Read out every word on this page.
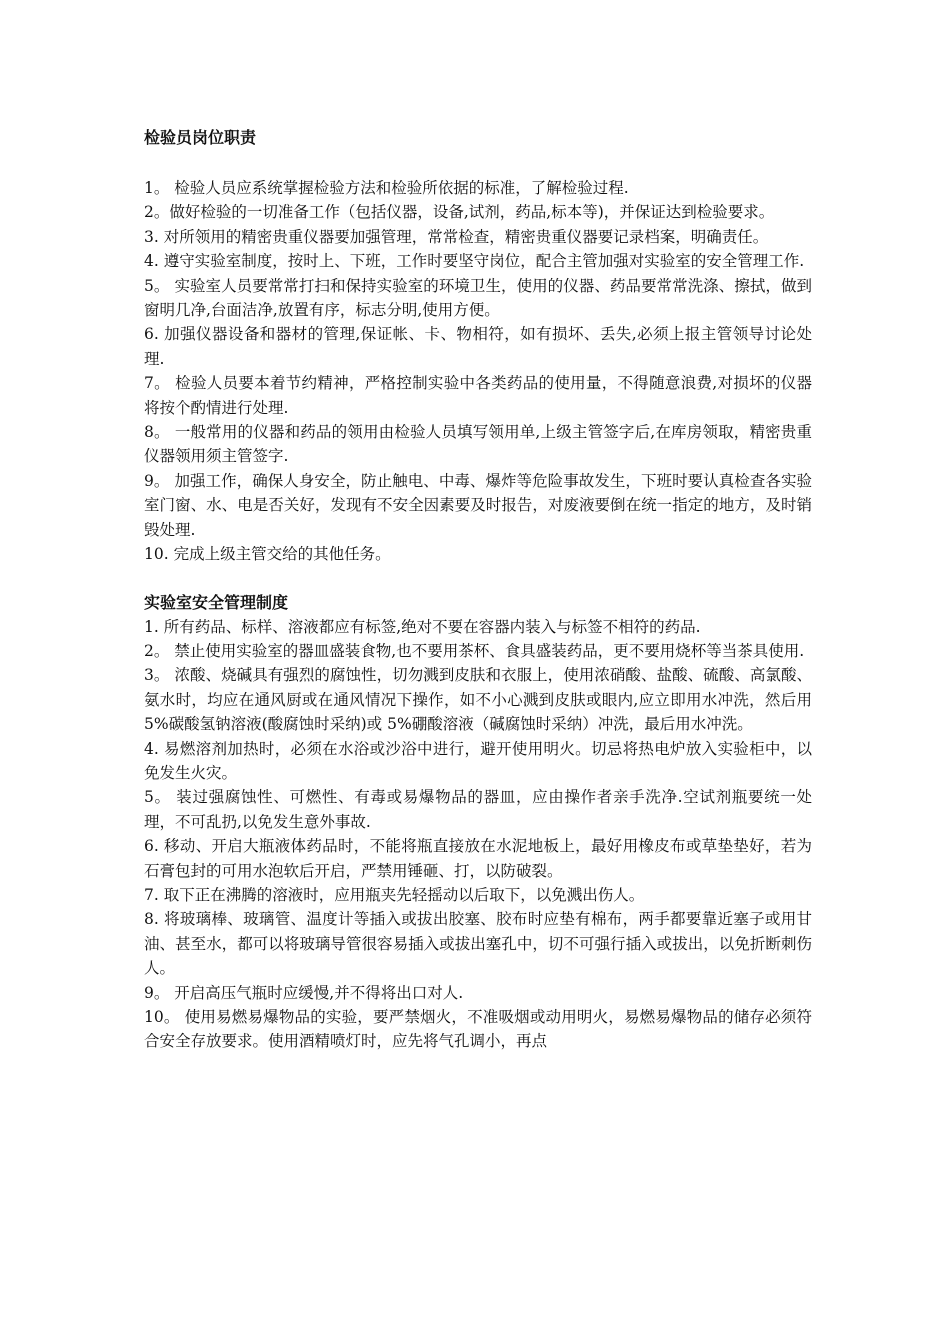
检验员岗位职责

1。 检验人员应系统掌握检验方法和检验所依据的标准，了解检验过程.

2。做好检验的一切准备工作（包括仪器，设备,试剂，药品,标本等)，并保证达到检验要求。

3. 对所领用的精密贵重仪器要加强管理，常常检查，精密贵重仪器要记录档案，明确责任。

4. 遵守实验室制度，按时上、下班，工作时要坚守岗位，配合主管加强对实验室的安全管理工作.

5。 实验室人员要常常打扫和保持实验室的环境卫生，使用的仪器、药品要常常洗涤、擦拭，做到窗明几净,台面洁净,放置有序，标志分明,使用方便。

6. 加强仪器设备和器材的管理,保证帐、卡、物相符，如有损坏、丢失,必须上报主管领导讨论处理.

7。 检验人员要本着节约精神，严格控制实验中各类药品的使用量，不得随意浪费,对损坏的仪器将按个酌情进行处理.

8。 一般常用的仪器和药品的领用由检验人员填写领用单,上级主管签字后,在库房领取，精密贵重仪器领用须主管签字.

9。 加强工作，确保人身安全，防止触电、中毒、爆炸等危险事故发生，下班时要认真检查各实验室门窗、水、电是否关好，发现有不安全因素要及时报告，对废液要倒在统一指定的地方，及时销毁处理.

10. 完成上级主管交给的其他任务。

实验室安全管理制度

1. 所有药品、标样、溶液都应有标签,绝对不要在容器内装入与标签不相符的药品.

2。 禁止使用实验室的器皿盛装食物,也不要用茶杯、食具盛装药品，更不要用烧杯等当茶具使用.

3。 浓酸、烧碱具有强烈的腐蚀性，切勿溅到皮肤和衣服上，使用浓硝酸、盐酸、硫酸、高氯酸、氨水时，均应在通风厨或在通风情况下操作，如不小心溅到皮肤或眼内,应立即用水冲洗，然后用 5%碳酸氢钠溶液(酸腐蚀时采纳)或 5%硼酸溶液（碱腐蚀时采纳）冲洗，最后用水冲洗。

4. 易燃溶剂加热时，必须在水浴或沙浴中进行，避开使用明火。切忌将热电炉放入实验柜中，以免发生火灾。

5。 装过强腐蚀性、可燃性、有毒或易爆物品的器皿，应由操作者亲手洗净.空试剂瓶要统一处理，不可乱扔,以免发生意外事故.

6. 移动、开启大瓶液体药品时，不能将瓶直接放在水泥地板上，最好用橡皮布或草垫垫好，若为石膏包封的可用水泡软后开启，严禁用锤砸、打，以防破裂。

7. 取下正在沸腾的溶液时，应用瓶夹先轻摇动以后取下，以免溅出伤人。

8. 将玻璃棒、玻璃管、温度计等插入或拔出胶塞、胶布时应垫有棉布，两手都要靠近塞子或用甘油、甚至水，都可以将玻璃导管很容易插入或拔出塞孔中，切不可强行插入或拔出，以免折断刺伤人。

9。 开启高压气瓶时应缓慢,并不得将出口对人.

10。 使用易燃易爆物品的实验，要严禁烟火，不准吸烟或动用明火，易燃易爆物品的储存必须符合安全存放要求。使用酒精喷灯时，应先将气孔调小，再点
